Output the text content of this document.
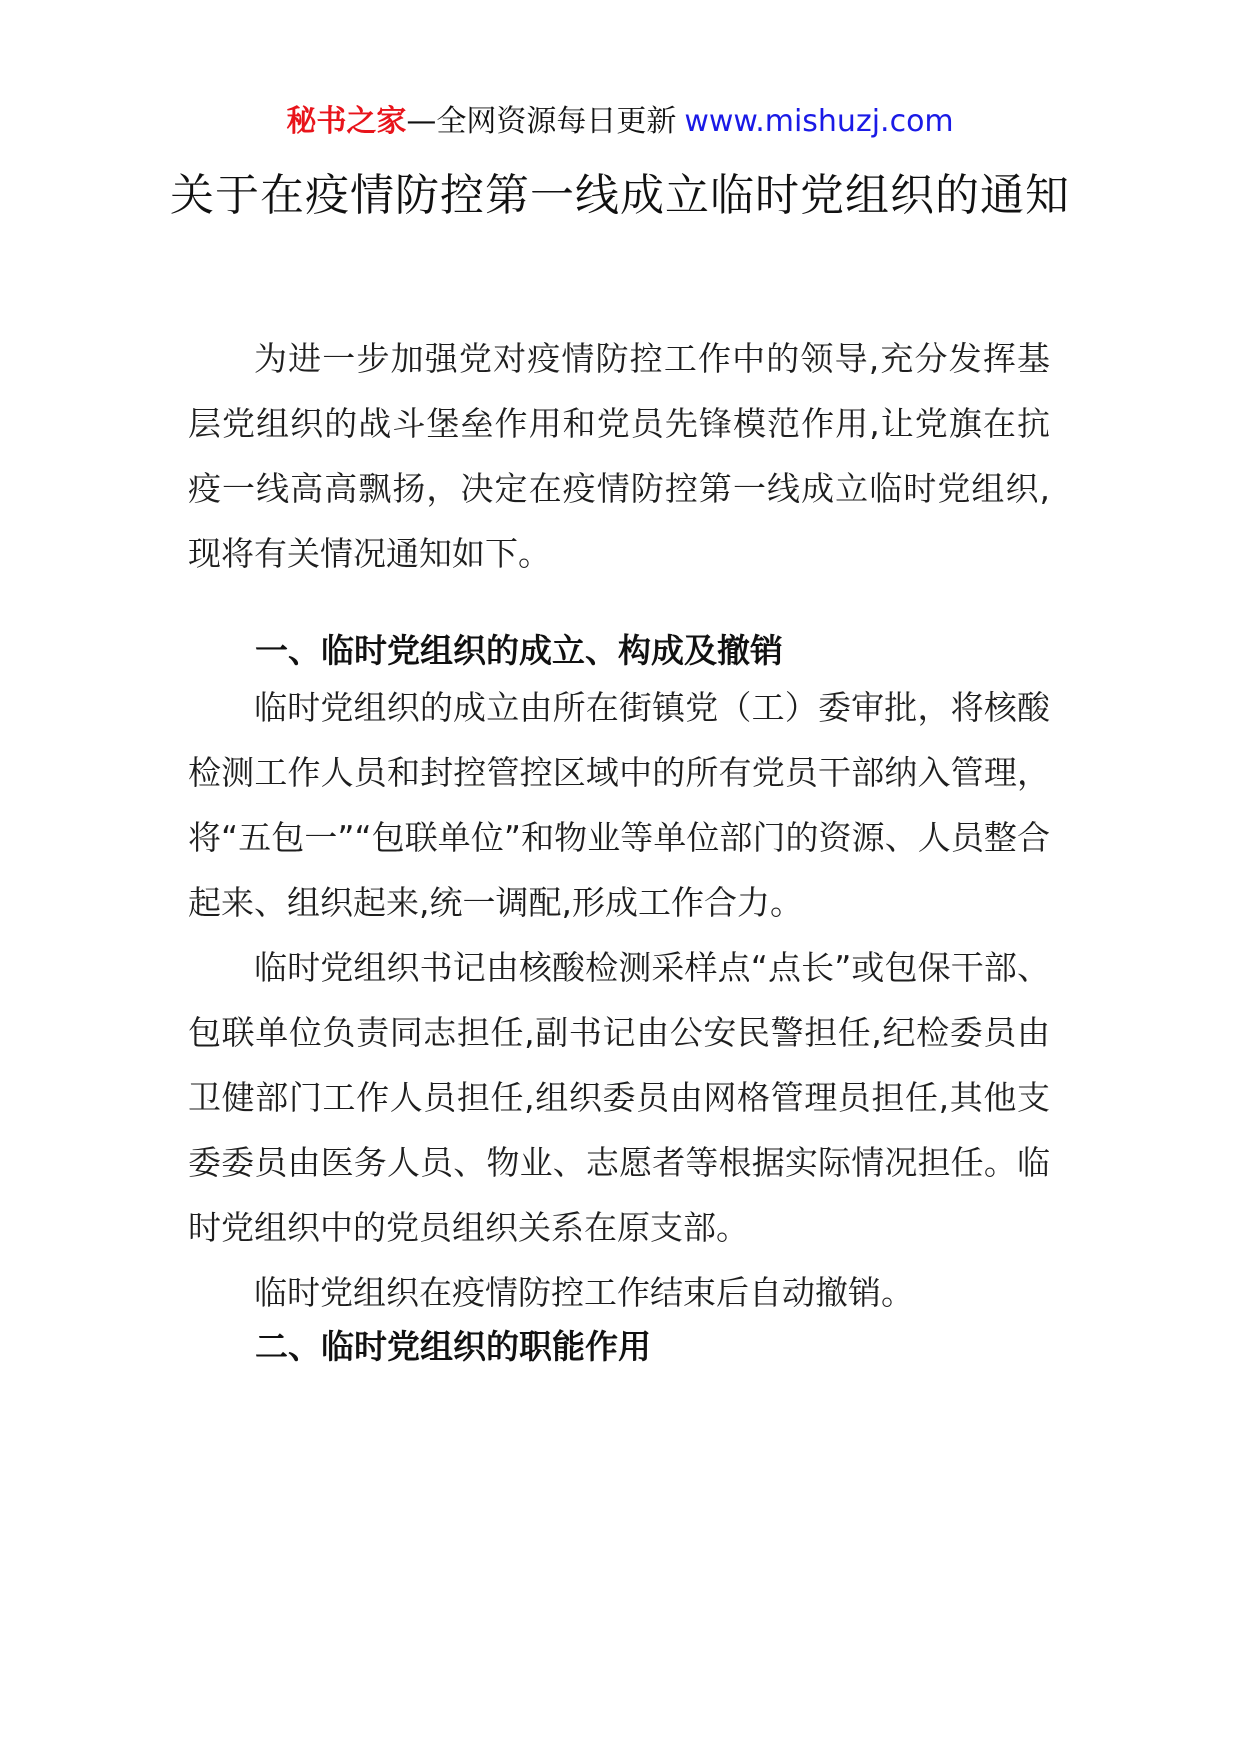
秘书之家—全网资源每日更新 www.mishuzj.com
关于在疫情防控第一线成立临时党组织的通知

为进一步加强党对疫情防控工作中的领导,充分发挥基层党组织的战斗堡垒作用和党员先锋模范作用,让党旗在抗疫一线高高飘扬，决定在疫情防控第一线成立临时党组织,现将有关情况通知如下。

一、临时党组织的成立、构成及撤销

临时党组织的成立由所在街镇党（工）委审批，将核酸检测工作人员和封控管控区域中的所有党员干部纳入管理，将“五包一”“包联单位”和物业等单位部门的资源、人员整合起来、组织起来,统一调配,形成工作合力。

临时党组织书记由核酸检测采样点“点长”或包保干部、包联单位负责同志担任,副书记由公安民警担任,纪检委员由卫健部门工作人员担任,组织委员由网格管理员担任,其他支委委员由医务人员、物业、志愿者等根据实际情况担任。临时党组织中的党员组织关系在原支部。

临时党组织在疫情防控工作结束后自动撤销。

二、临时党组织的职能作用
